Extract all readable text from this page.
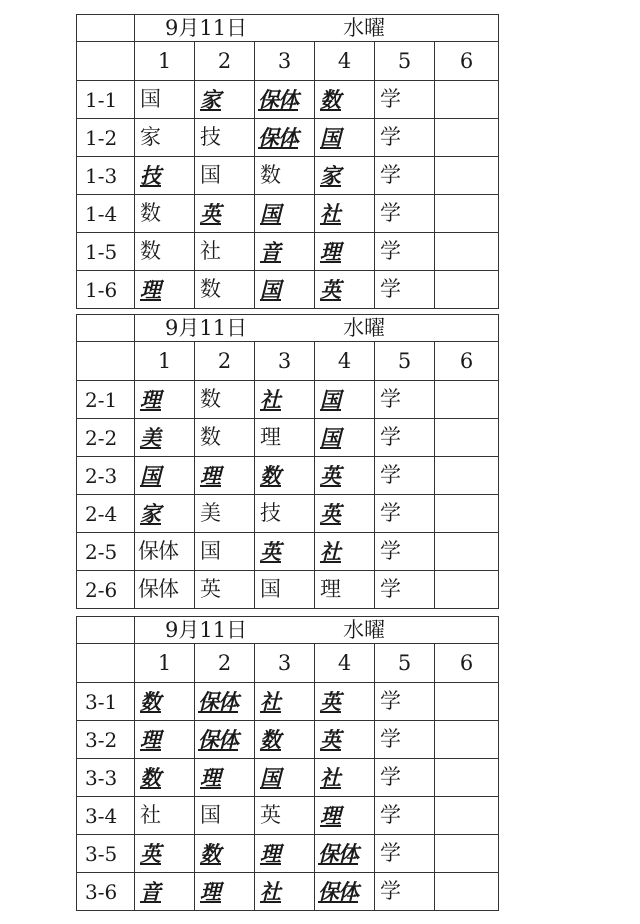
	9月11日 水曜					
	1	2	3	4	5	6
1-1	国	家	保体	数	学	
1-2	家	技	保体	国	学	
1-3	技	国	数	家	学	
1-4	数	英	国	社	学	
1-5	数	社	音	理	学	
1-6	理	数	国	英	学	
	9月11日 水曜					
	1	2	3	4	5	6
2-1	理	数	社	国	学	
2-2	美	数	理	国	学	
2-3	国	理	数	英	学	
2-4	家	美	技	英	学	
2-5	保体	国	英	社	学	
2-6	保体	英	国	理	学	
	9月11日 水曜					
	1	2	3	4	5	6
3-1	数	保体	社	英	学	
3-2	理	保体	数	英	学	
3-3	数	理	国	社	学	
3-4	社	国	英	理	学	
3-5	英	数	理	保体	学	
3-6	音	理	社	保体	学	
